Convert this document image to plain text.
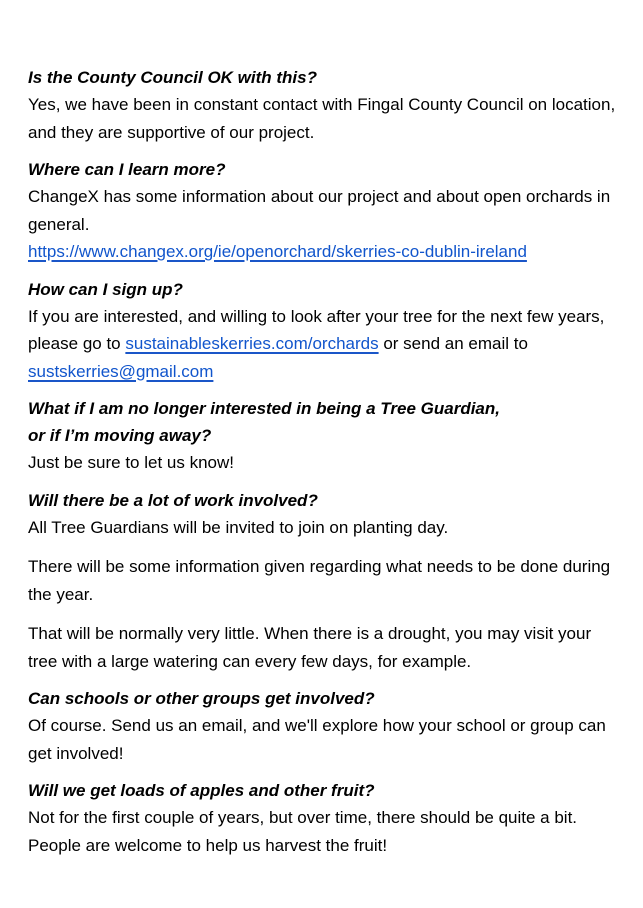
Is the County Council OK with this?

Yes, we have been in constant contact with Fingal County Council on location, and they are supportive of our project.

Where can I learn more?

ChangeX has some information about our project and about open orchards in general.

https://www.changex.org/ie/openorchard/skerries-co-dublin-ireland

How can I sign up?

If you are interested, and willing to look after your tree for the next few years, please go to sustainableskerries.com/orchards or send an email to sustskerries@gmail.com

What if I am no longer interested in being a Tree Guardian,

or if I’m moving away?

Just be sure to let us know!

Will there be a lot of work involved?

All Tree Guardians will be invited to join on planting day.

There will be some information given regarding what needs to be done during the year.

That will be normally very little. When there is a drought, you may visit your tree with a large watering can every few days, for example.

Can schools or other groups get involved?

Of course. Send us an email, and we'll explore how your school or group can get involved!

Will we get loads of apples and other fruit?

Not for the first couple of years, but over time, there should be quite a bit. People are welcome to help us harvest the fruit!
